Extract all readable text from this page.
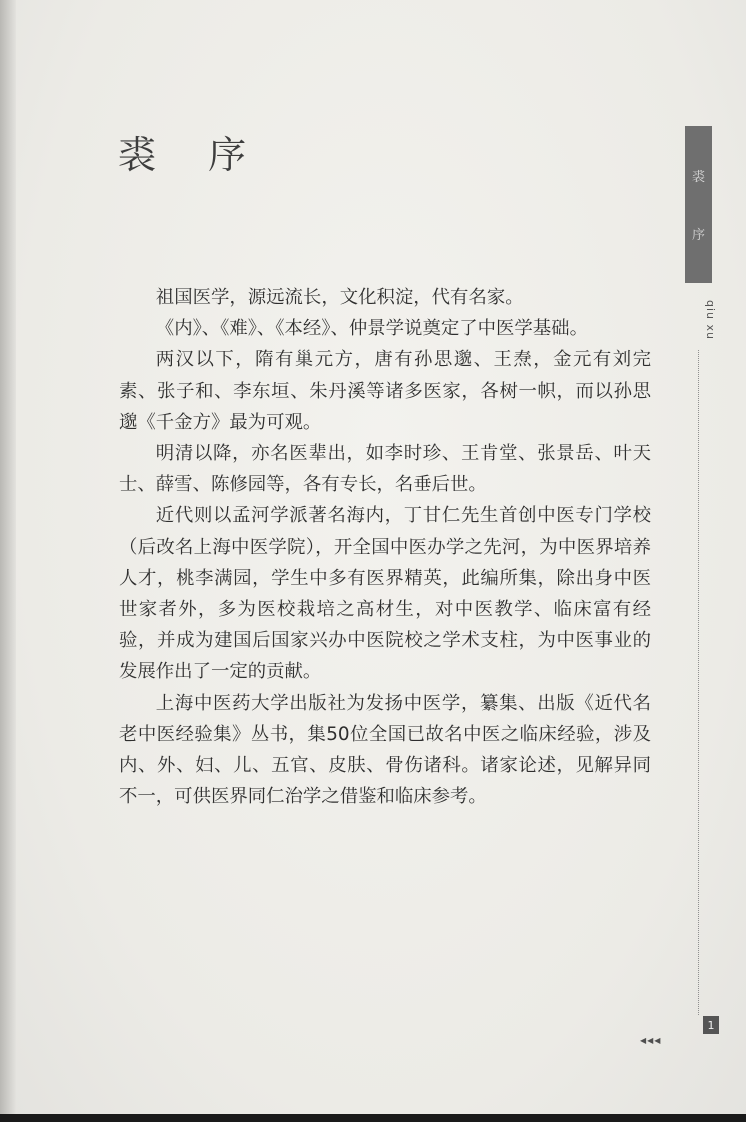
裘 序

祖国医学，源远流长，文化积淀，代有名家。

《内》、《难》、《本经》、仲景学说奠定了中医学基础。

两汉以下，隋有巢元方，唐有孙思邈、王焘，金元有刘完素、张子和、李东垣、朱丹溪等诸多医家，各树一帜，而以孙思邈《千金方》最为可观。

明清以降，亦名医辈出，如李时珍、王肯堂、张景岳、叶天士、薛雪、陈修园等，各有专长，名垂后世。

近代则以孟河学派著名海内，丁甘仁先生首创中医专门学校（后改名上海中医学院），开全国中医办学之先河，为中医界培养人才，桃李满园，学生中多有医界精英，此编所集，除出身中医世家者外，多为医校栽培之高材生，对中医教学、临床富有经验，并成为建国后国家兴办中医院校之学术支柱，为中医事业的发展作出了一定的贡献。

上海中医药大学出版社为发扬中医学，纂集、出版《近代名老中医经验集》丛书，集50位全国已故名中医之临床经验，涉及内、外、妇、儿、五官、皮肤、骨伤诸科。诸家论述，见解异同不一，可供医界同仁治学之借鉴和临床参考。

裘
序
qiu xu
1
◀◀◀
